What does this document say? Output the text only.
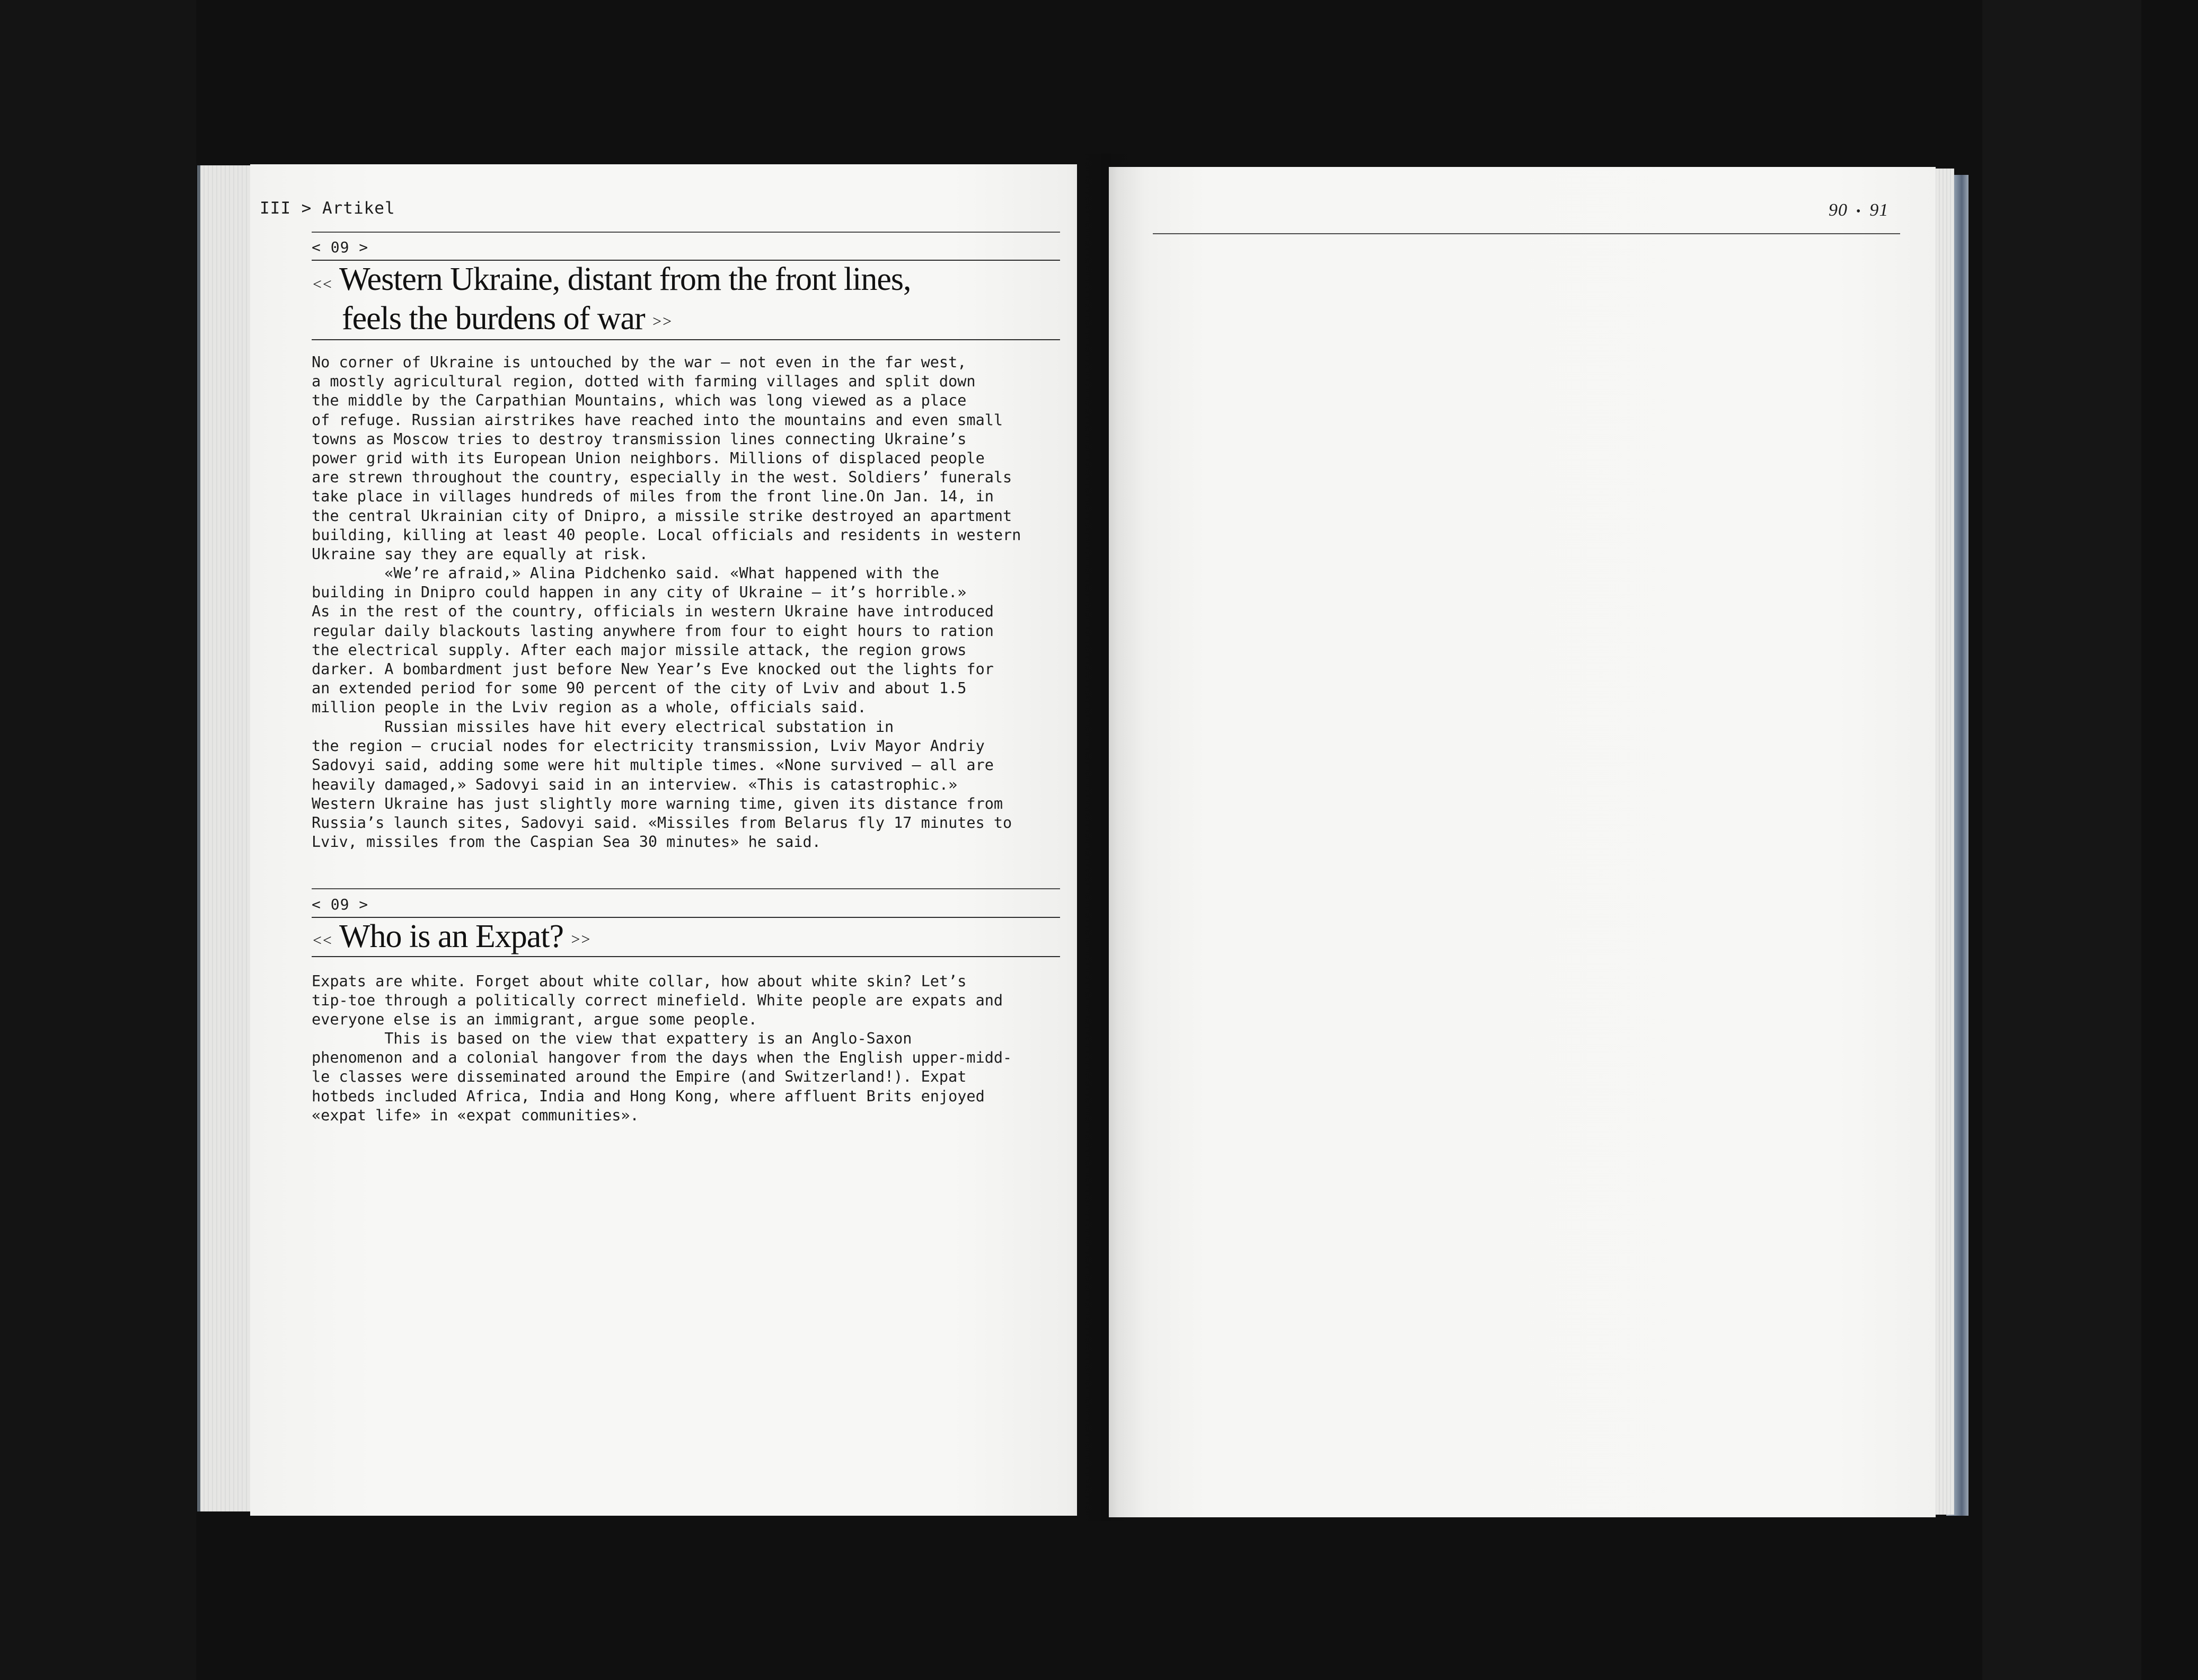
III > Artikel
< 09 >
<< Western Ukraine, distant from the front lines,
feels the burdens of war >>
No corner of Ukraine is untouched by the war – not even in the far west,
a mostly agricultural region, dotted with farming villages and split down
the middle by the Carpathian Mountains, which was long viewed as a place
of refuge. Russian airstrikes have reached into the mountains and even small
towns as Moscow tries to destroy transmission lines connecting Ukraine’s
power grid with its European Union neighbors. Millions of displaced people
are strewn throughout the country, especially in the west. Soldiers’ funerals
take place in villages hundreds of miles from the front line.On Jan. 14, in
the central Ukrainian city of Dnipro, a missile strike destroyed an apartment
building, killing at least 40 people. Local officials and residents in western
Ukraine say they are equally at risk.
«We’re afraid,» Alina Pidchenko said. «What happened with the
building in Dnipro could happen in any city of Ukraine – it’s horrible.»
As in the rest of the country, officials in western Ukraine have introduced
regular daily blackouts lasting anywhere from four to eight hours to ration
the electrical supply. After each major missile attack, the region grows
darker. A bombardment just before New Year’s Eve knocked out the lights for
an extended period for some 90 percent of the city of Lviv and about 1.5
million people in the Lviv region as a whole, officials said.
Russian missiles have hit every electrical substation in
the region – crucial nodes for electricity transmission, Lviv Mayor Andriy
Sadovyi said, adding some were hit multiple times. «None survived – all are
heavily damaged,» Sadovyi said in an interview. «This is catastrophic.»
Western Ukraine has just slightly more warning time, given its distance from
Russia’s launch sites, Sadovyi said. «Missiles from Belarus fly 17 minutes to
Lviv, missiles from the Caspian Sea 30 minutes» he said.
< 09 >
<< Who is an Expat? >>
Expats are white. Forget about white collar, how about white skin? Let’s
tip-toe through a politically correct minefield. White people are expats and
everyone else is an immigrant, argue some people.
This is based on the view that expattery is an Anglo-Saxon
phenomenon and a colonial hangover from the days when the English upper-midd-
le classes were disseminated around the Empire (and Switzerland!). Expat
hotbeds included Africa, India and Hong Kong, where affluent Brits enjoyed
«expat life» in «expat communities».
90 • 91
